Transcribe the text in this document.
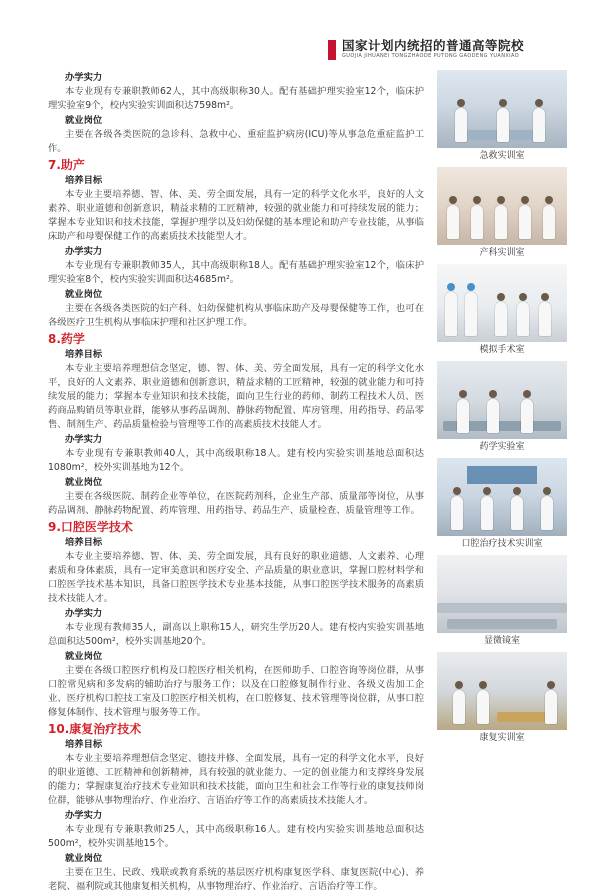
国家计划内统招的普通高等院校
GUOJIA JIHUANEI TONGZHAODE PUTONG GAODENG YUANXIAO
办学实力
本专业现有专兼职教师62人，其中高级职称30人。配有基础护理实验室12个，临床护理实验室9个，校内实验实训面积达7598m²。
就业岗位
主要在各级各类医院的急诊科、急救中心、重症监护病房(ICU)等从事急危重症监护工作。
7.助产
培养目标
本专业主要培养德、智、体、美、劳全面发展，具有一定的科学文化水平，良好的人文素养、职业道德和创新意识，精益求精的工匠精神，较强的就业能力和可持续发展的能力；掌握本专业知识和技术技能，掌握护理学以及妇幼保健的基本理论和助产专业技能，从事临床助产和母婴保健工作的高素质技术技能型人才。
办学实力
本专业现有专兼职教师35人，其中高级职称18人。配有基础护理实验室12个，临床护理实验室8个，校内实验实训面积达4685m²。
就业岗位
主要在各级各类医院的妇产科、妇幼保健机构从事临床助产及母婴保健等工作，也可在各级医疗卫生机构从事临床护理和社区护理工作。
8.药学
培养目标
本专业主要培养理想信念坚定，德、智、体、美、劳全面发展，具有一定的科学文化水平，良好的人文素养、职业道德和创新意识，精益求精的工匠精神，较强的就业能力和可持续发展的能力；掌握本专业知识和技术技能，面向卫生行业的药师、制药工程技术人员、医药商品购销员等职业群，能够从事药品调剂、静脉药物配置、库房管理、用药指导、药品零售、制剂生产、药品质量检验与管理等工作的高素质技术技能人才。
办学实力
本专业现有专兼职教师40人，其中高级职称18人。建有校内实验实训基地总面积达1080m²，校外实训基地为12个。
就业岗位
主要在各级医院、制药企业等单位，在医院药剂科，企业生产部、质量部等岗位，从事药品调剂、静脉药物配置、药库管理、用药指导、药品生产、质量检查、质量管理等工作。
9.口腔医学技术
培养目标
本专业主要培养德、智、体、美、劳全面发展，具有良好的职业道德、人文素养、心理素质和身体素质，具有一定审美意识和医疗安全、产品质量的职业意识，掌握口腔材料学和口腔医学技术基本知识，具备口腔医学技术专业基本技能，从事口腔医学技术服务的高素质技术技能人才。
办学实力
本专业现有教师35人，副高以上职称15人，研究生学历20人。建有校内实验实训基地总面积达500m²，校外实训基地20个。
就业岗位
主要在各级口腔医疗机构及口腔医疗相关机构，在医师助手、口腔咨询等岗位群，从事口腔常见病和多发病的辅助治疗与服务工作；以及在口腔修复制作行业、各级义齿加工企业、医疗机构口腔技工室及口腔医疗相关机构，在口腔修复、技术管理等岗位群，从事口腔修复体制作、技术管理与服务等工作。
10.康复治疗技术
培养目标
本专业主要培养理想信念坚定、德技并修、全面发展，具有一定的科学文化水平，良好的职业道德、工匠精神和创新精神，具有较强的就业能力、一定的创业能力和支撑终身发展的能力；掌握康复治疗技术专业知识和技术技能，面向卫生和社会工作等行业的康复技师岗位群，能够从事物理治疗、作业治疗、言语治疗等工作的高素质技术技能人才。
办学实力
本专业现有专兼职教师25人，其中高级职称16人。建有校内实验实训基地总面积达500m²，校外实训基地15个。
就业岗位
主要在卫生、民政、残联或教育系统的基层医疗机构康复医学科、康复医院(中心)、养老院、福利院或其他康复相关机构，从事物理治疗、作业治疗、言语治疗等工作。
急救实训室
产科实训室
模拟手术室
药学实验室
口腔治疗技术实训室
显微镜室
康复实训室
